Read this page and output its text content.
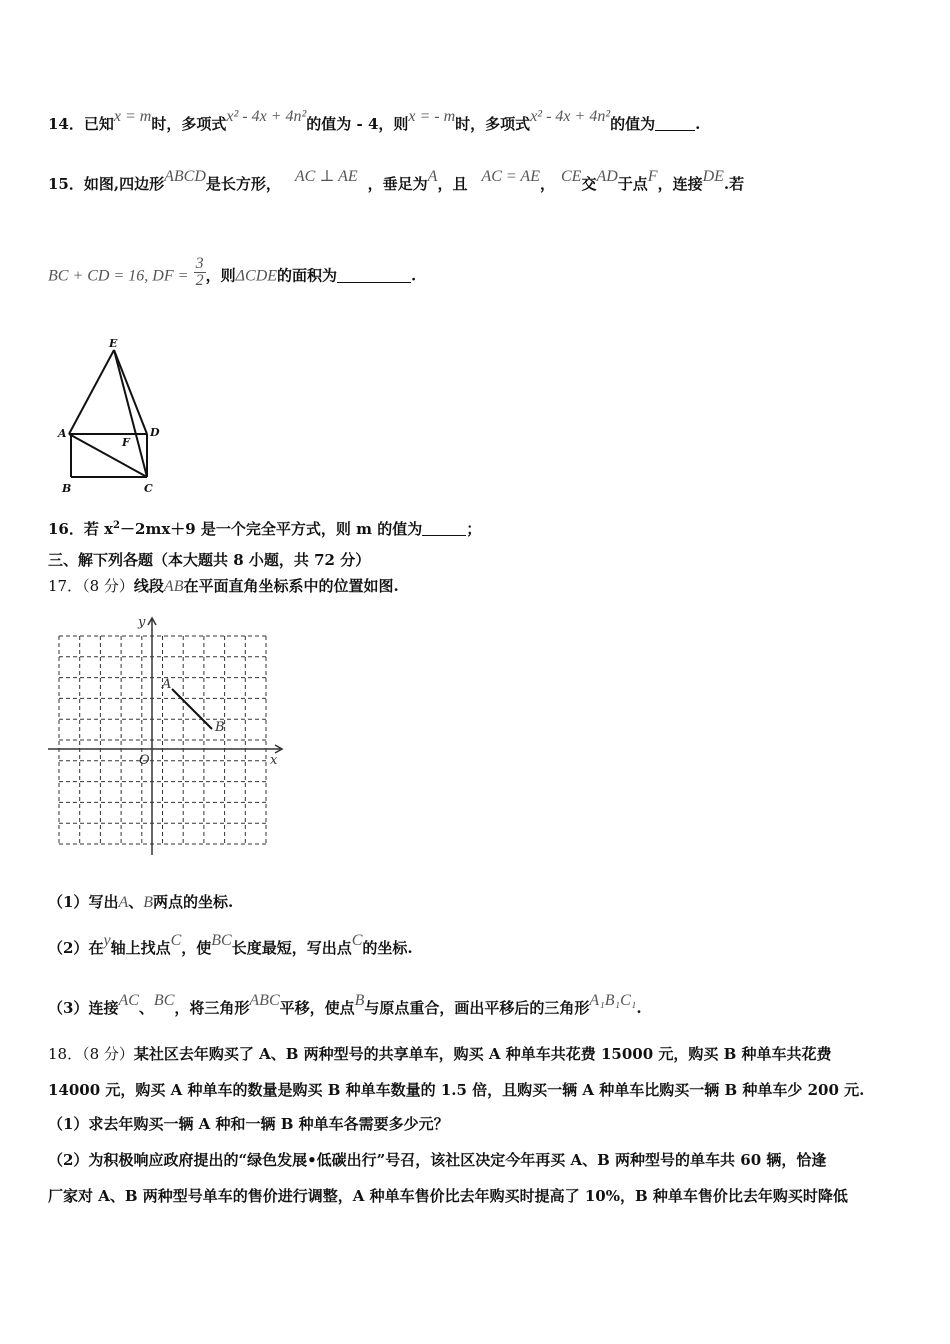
14．已知x = m时，多项式x² - 4x + 4n²的值为 - 4，则x = - m时，多项式x² - 4x + 4n²的值为	.
15．如图,四边形ABCD是长方形， AC ⊥ AE ，垂足为A，且 AC = AE， CE交AD于点F，连接DE.若
BC + CD = 16, DF = $\frac{3}{2}$ ，则ΔCDE的面积为	.
E
A	D
F
B	C
16．若 $x^2-2mx+9$ 是一个完全平方式，则 m 的值为	；
三、解下列各题（本大题共 8 小题，共 72 分）
17．（8 分）线段AB在平面直角坐标系中的位置如图.
y
x
O
A
B
（1）写出A、B两点的坐标.
（2）在y轴上找点C，使BC长度最短，写出点C的坐标.
（3）连接AC、BC，将三角形ABC平移，使点B与原点重合，画出平移后的三角形A₁B₁C₁.
18．（8 分）某社区去年购买了 A、B 两种型号的共享单车，购买 A 种单车共花费 15000 元，购买 B 种单车共花费
14000 元，购买 A 种单车的数量是购买 B 种单车数量的 1.5 倍，且购买一辆 A 种单车比购买一辆 B 种单车少 200 元.
（1）求去年购买一辆 A 种和一辆 B 种单车各需要多少元？
（2）为积极响应政府提出的“绿色发展•低碳出行”号召，该社区决定今年再买 A、B 两种型号的单车共 60 辆，恰逢
厂家对 A、B 两种型号单车的售价进行调整，A 种单车售价比去年购买时提高了 10%，B 种单车售价比去年购买时降低
